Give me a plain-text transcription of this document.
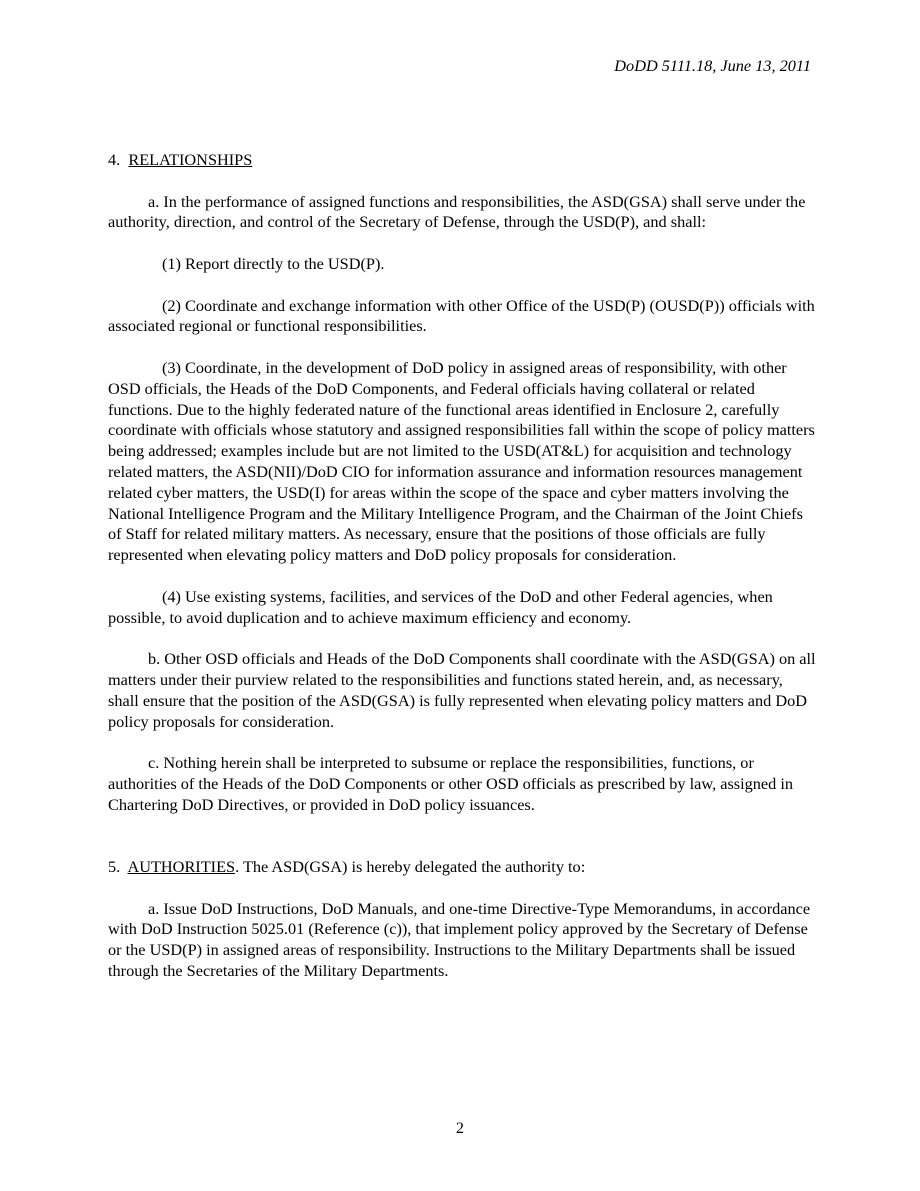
DoDD 5111.18, June 13, 2011

4. RELATIONSHIPS

a. In the performance of assigned functions and responsibilities, the ASD(GSA) shall serve under the authority, direction, and control of the Secretary of Defense, through the USD(P), and shall:

(1) Report directly to the USD(P).

(2) Coordinate and exchange information with other Office of the USD(P) (OUSD(P)) officials with associated regional or functional responsibilities.

(3) Coordinate, in the development of DoD policy in assigned areas of responsibility, with other OSD officials, the Heads of the DoD Components, and Federal officials having collateral or related functions. Due to the highly federated nature of the functional areas identified in Enclosure 2, carefully coordinate with officials whose statutory and assigned responsibilities fall within the scope of policy matters being addressed; examples include but are not limited to the USD(AT&L) for acquisition and technology related matters, the ASD(NII)/DoD CIO for information assurance and information resources management related cyber matters, the USD(I) for areas within the scope of the space and cyber matters involving the National Intelligence Program and the Military Intelligence Program, and the Chairman of the Joint Chiefs of Staff for related military matters. As necessary, ensure that the positions of those officials are fully represented when elevating policy matters and DoD policy proposals for consideration.

(4) Use existing systems, facilities, and services of the DoD and other Federal agencies, when possible, to avoid duplication and to achieve maximum efficiency and economy.

b. Other OSD officials and Heads of the DoD Components shall coordinate with the ASD(GSA) on all matters under their purview related to the responsibilities and functions stated herein, and, as necessary, shall ensure that the position of the ASD(GSA) is fully represented when elevating policy matters and DoD policy proposals for consideration.

c. Nothing herein shall be interpreted to subsume or replace the responsibilities, functions, or authorities of the Heads of the DoD Components or other OSD officials as prescribed by law, assigned in Chartering DoD Directives, or provided in DoD policy issuances.

5. AUTHORITIES. The ASD(GSA) is hereby delegated the authority to:

a. Issue DoD Instructions, DoD Manuals, and one-time Directive-Type Memorandums, in accordance with DoD Instruction 5025.01 (Reference (c)), that implement policy approved by the Secretary of Defense or the USD(P) in assigned areas of responsibility. Instructions to the Military Departments shall be issued through the Secretaries of the Military Departments.

2
